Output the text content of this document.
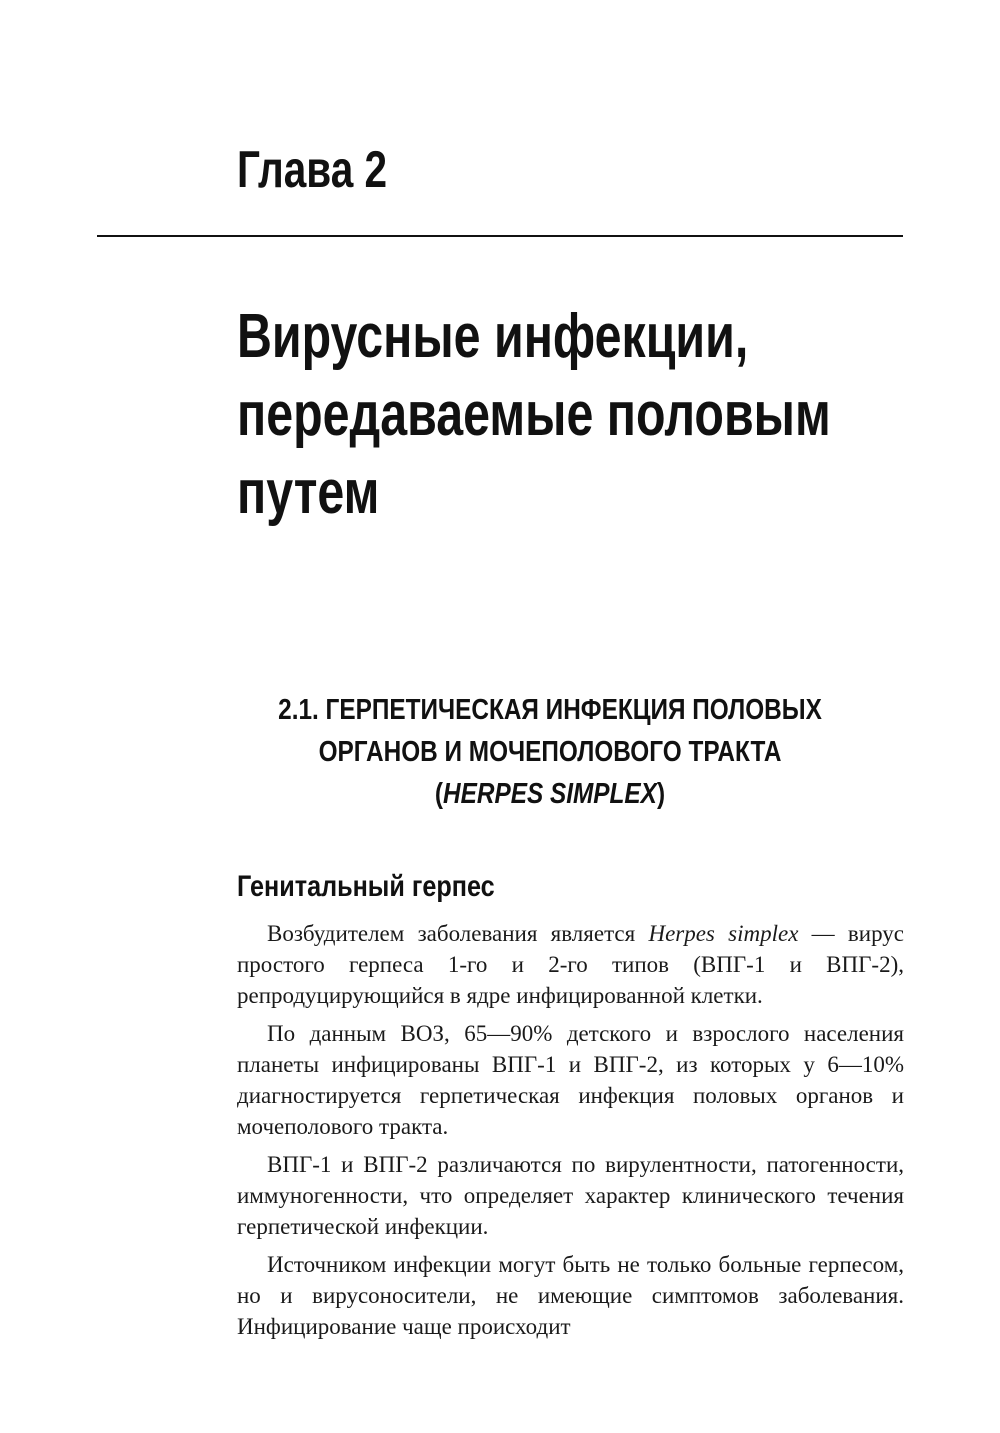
Глава 2
Вирусные инфекции,
передаваемые половым
путем
2.1. ГЕРПЕТИЧЕСКАЯ ИНФЕКЦИЯ ПОЛОВЫХ
ОРГАНОВ И МОЧЕПОЛОВОГО ТРАКТА
(HERPES SIMPLEX)
Генитальный герпес

Возбудителем заболевания является Herpes simplex — вирус простого герпеса 1-го и 2-го типов (ВПГ-1 и ВПГ-2), репродуцирующийся в ядре инфицированной клетки.

По данным ВОЗ, 65—90% детского и взрослого населения планеты инфицированы ВПГ-1 и ВПГ-2, из которых у 6—10% диагностируется герпетическая инфекция половых органов и мочеполового тракта.

ВПГ-1 и ВПГ-2 различаются по вирулентности, патогенности, иммуногенности, что определяет характер клинического течения герпетической инфекции.

Источником инфекции могут быть не только больные герпесом, но и вирусоносители, не имеющие симптомов заболевания. Инфицирование чаще происходит
